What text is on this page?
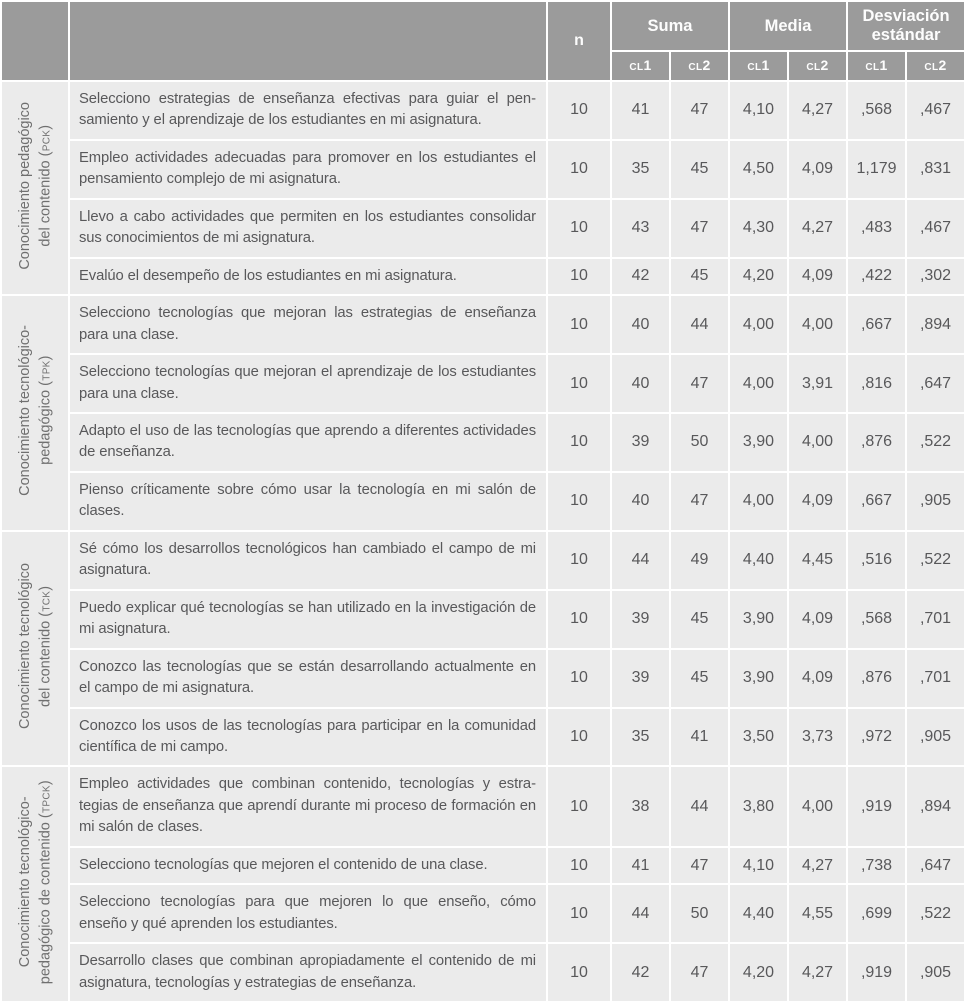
		n	Suma		Media		Desviación estándar	
			cl1	cl2	cl1	cl2	cl1	cl2

Conocimiento pedagógico del contenido (pck)	Selecciono estrategias de enseñanza efectivas para guiar el pensamiento y el aprendizaje de los estudiantes en mi asignatura.	10	41	47	4,10	4,27	,568	,467
	Empleo actividades adecuadas para promover en los estudiantes el pensamiento complejo de mi asignatura.	10	35	45	4,50	4,09	1,179	,831
	Llevo a cabo actividades que permiten en los estudiantes consolidar sus conocimientos de mi asignatura.	10	43	47	4,30	4,27	,483	,467
	Evalúo el desempeño de los estudiantes en mi asignatura.	10	42	45	4,20	4,09	,422	,302

Conocimiento tecnológico- pedagógico (tpk)	Selecciono tecnologías que mejoran las estrategias de enseñanza para una clase.	10	40	44	4,00	4,00	,667	,894
	Selecciono tecnologías que mejoran el aprendizaje de los estudiantes para una clase.	10	40	47	4,00	3,91	,816	,647
	Adapto el uso de las tecnologías que aprendo a diferentes actividades de enseñanza.	10	39	50	3,90	4,00	,876	,522
	Pienso críticamente sobre cómo usar la tecnología en mi salón de clases.	10	40	47	4,00	4,09	,667	,905

Conocimiento tecnológico del contenido (tck)	Sé cómo los desarrollos tecnológicos han cambiado el campo de mi asignatura.	10	44	49	4,40	4,45	,516	,522
	Puedo explicar qué tecnologías se han utilizado en la investigación de mi asignatura.	10	39	45	3,90	4,09	,568	,701
	Conozco las tecnologías que se están desarrollando actualmente en el campo de mi asignatura.	10	39	45	3,90	4,09	,876	,701
	Conozco los usos de las tecnologías para participar en la comunidad científica de mi campo.	10	35	41	3,50	3,73	,972	,905

Conocimiento tecnológico- pedagógico de contenido (tpck)	Empleo actividades que combinan contenido, tecnologías y estrategias de enseñanza que aprendí durante mi proceso de formación en mi salón de clases.	10	38	44	3,80	4,00	,919	,894
	Selecciono tecnologías que mejoren el contenido de una clase.	10	41	47	4,10	4,27	,738	,647
	Selecciono tecnologías para que mejoren lo que enseño, cómo enseño y qué aprenden los estudiantes.	10	44	50	4,40	4,55	,699	,522
	Desarrollo clases que combinan apropiadamente el contenido de mi asignatura, tecnologías y estrategias de enseñanza.	10	42	47	4,20	4,27	,919	,905
